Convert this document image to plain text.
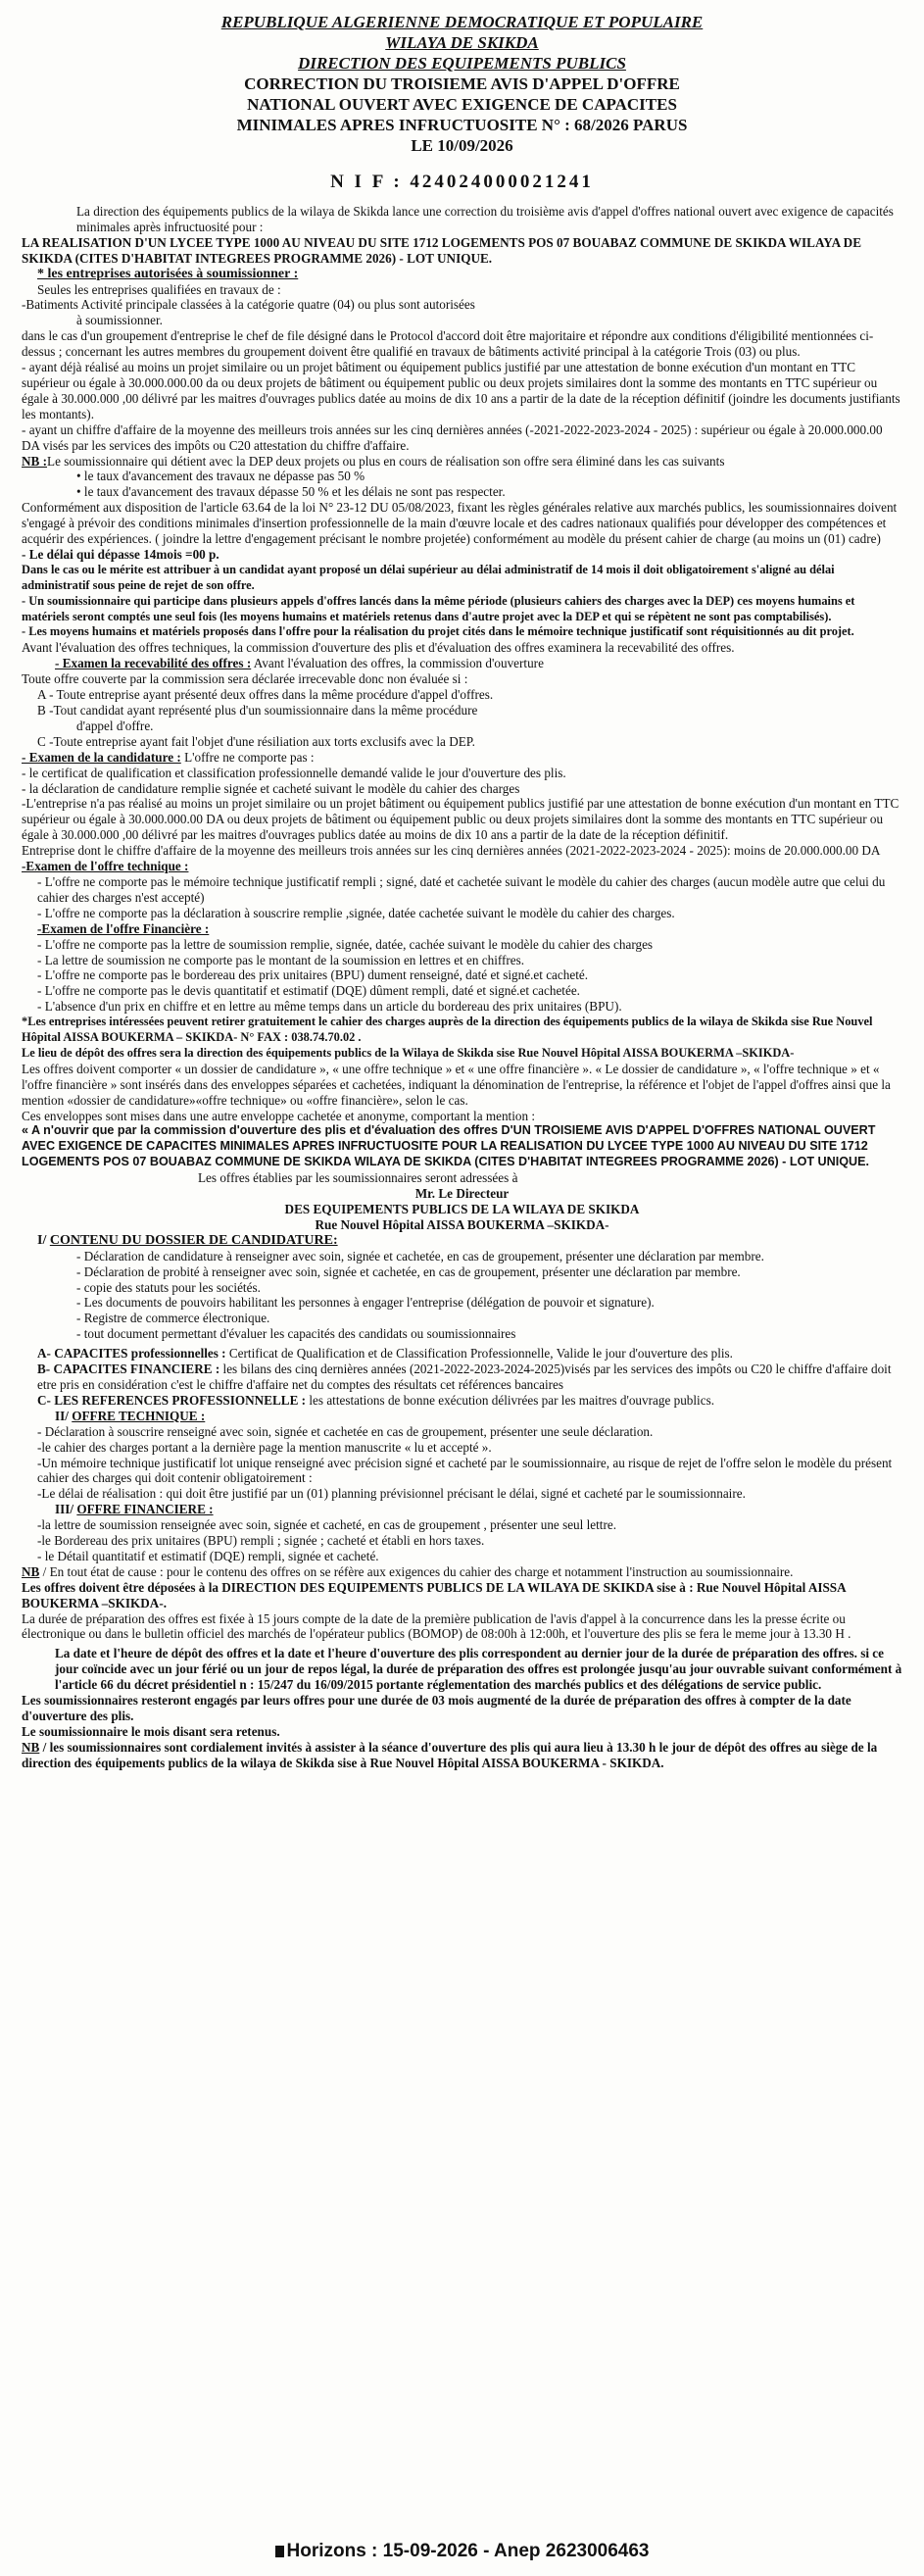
REPUBLIQUE ALGERIENNE DEMOCRATIQUE ET POPULAIRE

WILAYA DE SKIKDA

DIRECTION DES EQUIPEMENTS PUBLICS

CORRECTION DU TROISIEME AVIS D'APPEL D'OFFRE

NATIONAL OUVERT AVEC EXIGENCE DE CAPACITES

MINIMALES APRES INFRUCTUOSITE N° : 68/2026 PARUS

LE 10/09/2026

N I F : 424024000021241

La direction des équipements publics de la wilaya de Skikda lance une correction du troisième avis d'appel d'offres national ouvert avec exigence de capacités minimales après infructuosité pour :

LA REALISATION D'UN LYCEE TYPE 1000 AU NIVEAU DU SITE 1712 LOGEMENTS POS 07 BOUABAZ COMMUNE DE SKIKDA WILAYA DE SKIKDA (CITES D'HABITAT INTEGREES PROGRAMME 2026) - LOT UNIQUE.

* les entreprises autorisées à soumissionner :

Seules les entreprises qualifiées en travaux de :

-Batiments Activité principale classées à la catégorie quatre (04) ou plus sont autorisées

à soumissionner.

dans le cas d'un groupement d'entreprise le chef de file désigné dans le Protocol d'accord doit être majoritaire et répondre aux conditions d'éligibilité mentionnées ci-dessus ; concernant les autres membres du groupement doivent être qualifié en travaux de bâtiments activité principal à la catégorie Trois (03) ou plus.

- ayant déjà réalisé au moins un projet similaire ou un projet bâtiment ou équipement publics justifié par une attestation de bonne exécution d'un montant en TTC supérieur ou égale à 30.000.000.00 da ou deux projets de bâtiment ou équipement public ou deux projets similaires dont la somme des montants en TTC supérieur ou égale à 30.000.000 ,00 délivré par les maitres d'ouvrages publics datée au moins de dix 10 ans a partir de la date de la réception définitif (joindre les documents justifiants les montants).

- ayant un chiffre d'affaire de la moyenne des meilleurs trois années sur les cinq dernières années (-2021-2022-2023-2024 - 2025) : supérieur ou égale à 20.000.000.00 DA visés par les services des impôts ou C20 attestation du chiffre d'affaire.

NB :Le soumissionnaire qui détient avec la DEP deux projets ou plus en cours de réalisation son offre sera éliminé dans les cas suivants

• le taux d'avancement des travaux ne dépasse pas 50 %

• le taux d'avancement des travaux dépasse 50 % et les délais ne sont pas respecter.

Conformément aux disposition de l'article 63.64 de la loi N° 23-12 DU 05/08/2023, fixant les règles générales relative aux marchés publics, les soumissionnaires doivent s'engagé à prévoir des conditions minimales d'insertion professionnelle de la main d'œuvre locale et des cadres nationaux qualifiés pour développer des compétences et acquérir des expériences. ( joindre la lettre d'engagement précisant le nombre projetée) conformément au modèle du présent cahier de charge (au moins un (01) cadre)

- Le délai qui dépasse 14mois =00 p.

Dans le cas ou le mérite est attribuer à un candidat ayant proposé un délai supérieur au délai administratif de 14 mois il doit obligatoirement s'aligné au délai administratif sous peine de rejet de son offre.

- Un soumissionnaire qui participe dans plusieurs appels d'offres lancés dans la même période (plusieurs cahiers des charges avec la DEP) ces moyens humains et matériels seront comptés une seul fois (les moyens humains et matériels retenus dans d'autre projet avec la DEP et qui se répètent ne sont pas comptabilisés).

- Les moyens humains et matériels proposés dans l'offre pour la réalisation du projet cités dans le mémoire technique justificatif sont réquisitionnés au dit projet.

Avant l'évaluation des offres techniques, la commission d'ouverture des plis et d'évaluation des offres examinera la recevabilité des offres.

- Examen la recevabilité des offres : Avant l'évaluation des offres, la commission d'ouverture

Toute offre couverte par la commission sera déclarée irrecevable donc non évaluée si :

A - Toute entreprise ayant présenté deux offres dans la même procédure d'appel d'offres.

B -Tout candidat ayant représenté plus d'un soumissionnaire dans la même procédure

d'appel d'offre.

C -Toute entreprise ayant fait l'objet d'une résiliation aux torts exclusifs avec la DEP.

- Examen de la candidature : L'offre ne comporte pas :

- le certificat de qualification et classification professionnelle demandé valide le jour d'ouverture des plis.

- la déclaration de candidature remplie signée et cacheté suivant le modèle du cahier des charges

-L'entreprise n'a pas réalisé au moins un projet similaire ou un projet bâtiment ou équipement publics justifié par une attestation de bonne exécution d'un montant en TTC supérieur ou égale à 30.000.000.00 DA ou deux projets de bâtiment ou équipement public ou deux projets similaires dont la somme des montants en TTC supérieur ou égale à 30.000.000 ,00 délivré par les maitres d'ouvrages publics datée au moins de dix 10 ans a partir de la date de la réception définitif.

Entreprise dont le chiffre d'affaire de la moyenne des meilleurs trois années sur les cinq dernières années (2021-2022-2023-2024 - 2025): moins de 20.000.000.00 DA

-Examen de l'offre technique :

- L'offre ne comporte pas le mémoire technique justificatif rempli ; signé, daté et cachetée suivant le modèle du cahier des charges (aucun modèle autre que celui du cahier des charges n'est accepté)

- L'offre ne comporte pas la déclaration à souscrire remplie ,signée, datée cachetée suivant le modèle du cahier des charges.

-Examen de l'offre Financière :

- L'offre ne comporte pas la lettre de soumission remplie, signée, datée, cachée suivant le modèle du cahier des charges

- La lettre de soumission ne comporte pas le montant de la soumission en lettres et en chiffres.

- L'offre ne comporte pas le bordereau des prix unitaires (BPU) dument renseigné, daté et signé.et cacheté.

- L'offre ne comporte pas le devis quantitatif et estimatif (DQE) dûment rempli, daté et signé.et cachetée.

- L'absence d'un prix en chiffre et en lettre au même temps dans un article du bordereau des prix unitaires (BPU).

*Les entreprises intéressées peuvent retirer gratuitement le cahier des charges auprès de la direction des équipements publics de la wilaya de Skikda sise Rue Nouvel Hôpital AISSA BOUKERMA – SKIKDA- N° FAX : 038.74.70.02 .

Le lieu de dépôt des offres sera la direction des équipements publics de la Wilaya de Skikda sise Rue Nouvel Hôpital AISSA BOUKERMA –SKIKDA-

Les offres doivent comporter « un dossier de candidature », « une offre technique » et « une offre financière ». « Le dossier de candidature », « l'offre technique » et « l'offre financière » sont insérés dans des enveloppes séparées et cachetées, indiquant la dénomination de l'entreprise, la référence et l'objet de l'appel d'offres ainsi que la mention «dossier de candidature»«offre technique» ou «offre financière», selon le cas.

Ces enveloppes sont mises dans une autre enveloppe cachetée et anonyme, comportant la mention :

« A n'ouvrir que par la commission d'ouverture des plis et d'évaluation des offres D'UN TROISIEME AVIS D'APPEL D'OFFRES NATIONAL OUVERT AVEC EXIGENCE DE CAPACITES MINIMALES APRES INFRUCTUOSITE POUR LA REALISATION DU LYCEE TYPE 1000 AU NIVEAU DU SITE 1712 LOGEMENTS POS 07 BOUABAZ COMMUNE DE SKIKDA WILAYA DE SKIKDA (CITES D'HABITAT INTEGREES PROGRAMME 2026) - LOT UNIQUE.

Les offres établies par les soumissionnaires seront adressées à

Mr. Le Directeur

DES EQUIPEMENTS PUBLICS DE LA WILAYA DE SKIKDA

Rue Nouvel Hôpital AISSA BOUKERMA –SKIKDA-

I/ CONTENU DU DOSSIER DE CANDIDATURE:

- Déclaration de candidature à renseigner avec soin, signée et cachetée, en cas de groupement, présenter une déclaration par membre.

- Déclaration de probité à renseigner avec soin, signée et cachetée, en cas de groupement, présenter une déclaration par membre.

- copie des statuts pour les sociétés.

- Les documents de pouvoirs habilitant les personnes à engager l'entreprise (délégation de pouvoir et signature).

- Registre de commerce électronique.

- tout document permettant d'évaluer les capacités des candidats ou soumissionnaires

A- CAPACITES professionnelles : Certificat de Qualification et de Classification Professionnelle, Valide le jour d'ouverture des plis.

B- CAPACITES FINANCIERE : les bilans des cinq dernières années (2021-2022-2023-2024-2025)visés par les services des impôts ou C20 le chiffre d'affaire doit etre pris en considération c'est le chiffre d'affaire net du comptes des résultats cet références bancaires

C- LES REFERENCES PROFESSIONNELLE : les attestations de bonne exécution délivrées par les maitres d'ouvrage publics.

II/ OFFRE TECHNIQUE :

- Déclaration à souscrire renseigné avec soin, signée et cachetée en cas de groupement, présenter une seule déclaration.

-le cahier des charges portant a la dernière page la mention manuscrite « lu et accepté ».

-Un mémoire technique justificatif lot unique renseigné avec précision signé et cacheté par le soumissionnaire, au risque de rejet de l'offre selon le modèle du présent cahier des charges qui doit contenir obligatoirement :

-Le délai de réalisation : qui doit être justifié par un (01) planning prévisionnel précisant le délai, signé et cacheté par le soumissionnaire.

III/ OFFRE FINANCIERE :

-la lettre de soumission renseignée avec soin, signée et cacheté, en cas de groupement , présenter une seul lettre.

-le Bordereau des prix unitaires (BPU) rempli ; signée ; cacheté et établi en hors taxes.

- le Détail quantitatif et estimatif (DQE) rempli, signée et cacheté.

NB / En tout état de cause : pour le contenu des offres on se réfère aux exigences du cahier des charge et notamment l'instruction au soumissionnaire.

Les offres doivent être déposées à la DIRECTION DES EQUIPEMENTS PUBLICS DE LA WILAYA DE SKIKDA sise à : Rue Nouvel Hôpital AISSA BOUKERMA –SKIKDA-.

La durée de préparation des offres est fixée à 15 jours compte de la date de la première publication de l'avis d'appel à la concurrence dans les la presse écrite ou électronique ou dans le bulletin officiel des marchés de l'opérateur publics (BOMOP) de 08:00h à 12:00h, et l'ouverture des plis se fera le meme jour à 13.30 H .

La date et l'heure de dépôt des offres et la date et l'heure d'ouverture des plis correspondent au dernier jour de la durée de préparation des offres. si ce jour coïncide avec un jour férié ou un jour de repos légal, la durée de préparation des offres est prolongée jusqu'au jour ouvrable suivant conformément à l'article 66 du décret présidentiel n : 15/247 du 16/09/2015 portante réglementation des marchés publics et des délégations de service public.

Les soumissionnaires resteront engagés par leurs offres pour une durée de 03 mois augmenté de la durée de préparation des offres à compter de la date d'ouverture des plis.

Le soumissionnaire le mois disant sera retenus.

NB / les soumissionnaires sont cordialement invités à assister à la séance d'ouverture des plis qui aura lieu à 13.30 h le jour de dépôt des offres au siège de la direction des équipements publics de la wilaya de Skikda sise à Rue Nouvel Hôpital AISSA BOUKERMA - SKIKDA.

Horizons : 15-09-2026 - Anep 2623006463
